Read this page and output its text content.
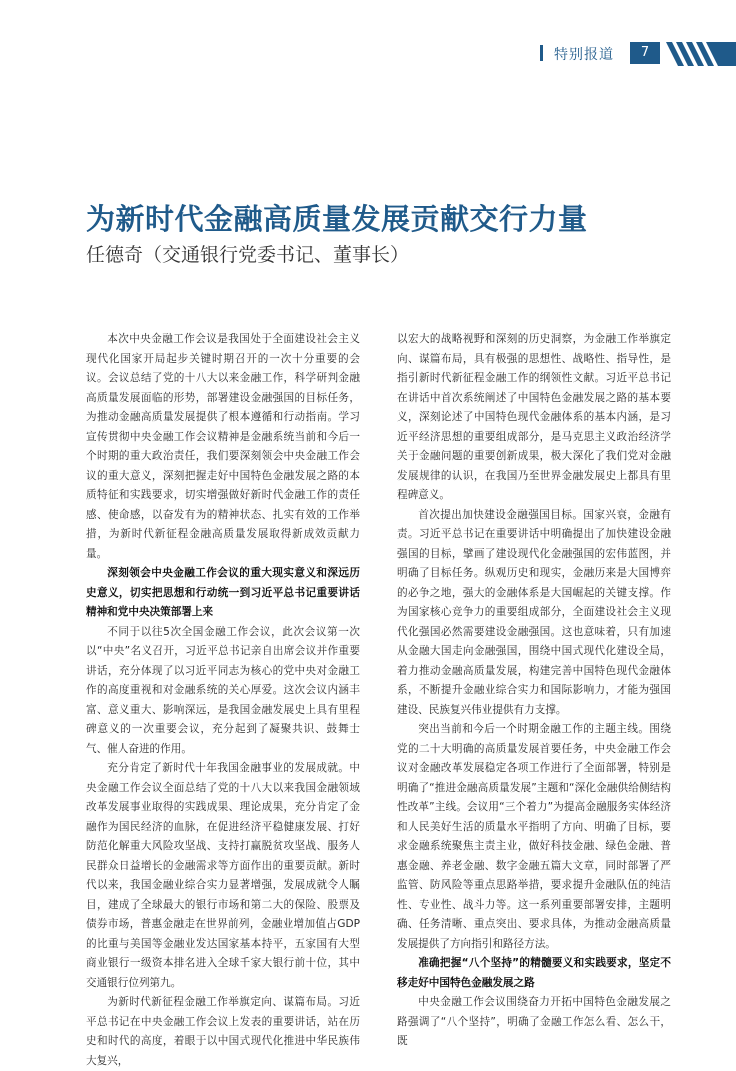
特别报道	7
为新时代金融高质量发展贡献交行力量
任德奇（交通银行党委书记、董事长）

本次中央金融工作会议是我国处于全面建设社会主义现代化国家开局起步关键时期召开的一次十分重要的会议。会议总结了党的十八大以来金融工作，科学研判金融高质量发展面临的形势，部署建设金融强国的目标任务，为推动金融高质量发展提供了根本遵循和行动指南。学习宣传贯彻中央金融工作会议精神是金融系统当前和今后一个时期的重大政治责任，我们要深刻领会中央金融工作会议的重大意义，深刻把握走好中国特色金融发展之路的本质特征和实践要求，切实增强做好新时代金融工作的责任感、使命感，以奋发有为的精神状态、扎实有效的工作举措，为新时代新征程金融高质量发展取得新成效贡献力量。

深刻领会中央金融工作会议的重大现实意义和深远历史意义，切实把思想和行动统一到习近平总书记重要讲话精神和党中央决策部署上来

不同于以往5次全国金融工作会议，此次会议第一次以“中央”名义召开，习近平总书记亲自出席会议并作重要讲话，充分体现了以习近平同志为核心的党中央对金融工作的高度重视和对金融系统的关心厚爱。这次会议内涵丰富、意义重大、影响深远，是我国金融发展史上具有里程碑意义的一次重要会议，充分起到了凝聚共识、鼓舞士气、催人奋进的作用。

充分肯定了新时代十年我国金融事业的发展成就。中央金融工作会议全面总结了党的十八大以来我国金融领域改革发展事业取得的实践成果、理论成果，充分肯定了金融作为国民经济的血脉，在促进经济平稳健康发展、打好防范化解重大风险攻坚战、支持打赢脱贫攻坚战、服务人民群众日益增长的金融需求等方面作出的重要贡献。新时代以来，我国金融业综合实力显著增强，发展成就令人瞩目，建成了全球最大的银行市场和第二大的保险、股票及债券市场，普惠金融走在世界前列，金融业增加值占GDP的比重与美国等金融业发达国家基本持平，五家国有大型商业银行一级资本排名进入全球千家大银行前十位，其中交通银行位列第九。

为新时代新征程金融工作举旗定向、谋篇布局。习近平总书记在中央金融工作会议上发表的重要讲话，站在历史和时代的高度，着眼于以中国式现代化推进中华民族伟大复兴，

以宏大的战略视野和深刻的历史洞察，为金融工作举旗定向、谋篇布局，具有极强的思想性、战略性、指导性，是指引新时代新征程金融工作的纲领性文献。习近平总书记在讲话中首次系统阐述了中国特色金融发展之路的基本要义，深刻论述了中国特色现代金融体系的基本内涵，是习近平经济思想的重要组成部分，是马克思主义政治经济学关于金融问题的重要创新成果，极大深化了我们党对金融发展规律的认识，在我国乃至世界金融发展史上都具有里程碑意义。

首次提出加快建设金融强国目标。国家兴衰，金融有责。习近平总书记在重要讲话中明确提出了加快建设金融强国的目标，擘画了建设现代化金融强国的宏伟蓝图，并明确了目标任务。纵观历史和现实，金融历来是大国博弈的必争之地，强大的金融体系是大国崛起的关键支撑。作为国家核心竞争力的重要组成部分，全面建设社会主义现代化强国必然需要建设金融强国。这也意味着，只有加速从金融大国走向金融强国，围绕中国式现代化建设全局，着力推动金融高质量发展，构建完善中国特色现代金融体系，不断提升金融业综合实力和国际影响力，才能为强国建设、民族复兴伟业提供有力支撑。

突出当前和今后一个时期金融工作的主题主线。围绕党的二十大明确的高质量发展首要任务，中央金融工作会议对金融改革发展稳定各项工作进行了全面部署，特别是明确了“推进金融高质量发展”主题和“深化金融供给侧结构性改革”主线。会议用“三个着力”为提高金融服务实体经济和人民美好生活的质量水平指明了方向、明确了目标，要求金融系统聚焦主责主业，做好科技金融、绿色金融、普惠金融、养老金融、数字金融五篇大文章，同时部署了严监管、防风险等重点思路举措，要求提升金融队伍的纯洁性、专业性、战斗力等。这一系列重要部署安排，主题明确、任务清晰、重点突出、要求具体，为推动金融高质量发展提供了方向指引和路径方法。

准确把握“八个坚持”的精髓要义和实践要求，坚定不移走好中国特色金融发展之路

中央金融工作会议围绕奋力开拓中国特色金融发展之路强调了“八个坚持”，明确了金融工作怎么看、怎么干，既
